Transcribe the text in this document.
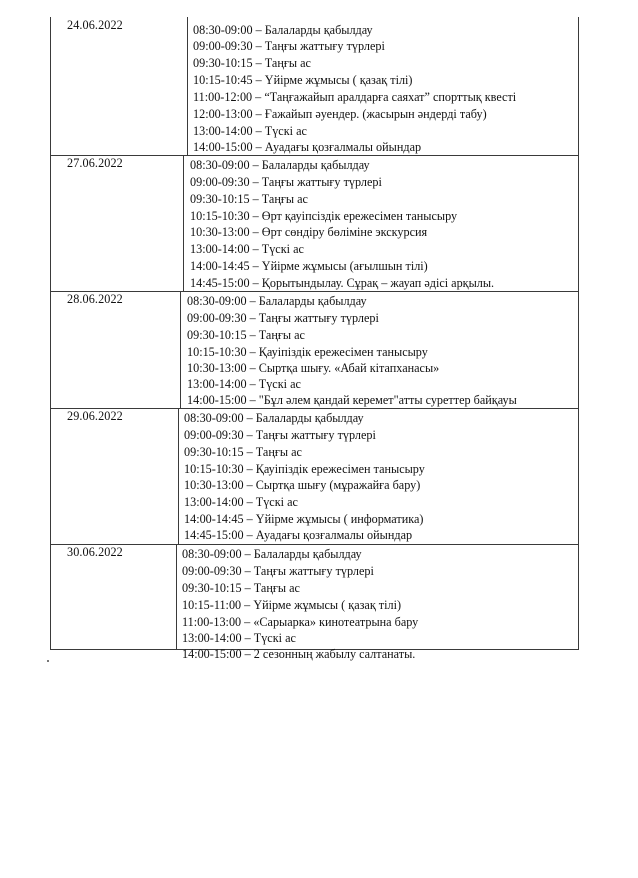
24.06.2022	08:30-09:00 – Балаларды қабылдау
09:00-09:30 – Таңғы жаттығу түрлері
09:30-10:15 – Таңғы ас
10:15-10:45 – Үйірме жұмысы ( қазақ тілі)
11:00-12:00 – “Таңғажайып аралдарға саяхат” спорттық квесті
12:00-13:00 – Ғажайып әуендер. (жасырын әндерді табу)
13:00-14:00 – Түскі ас
14:00-15:00 – Ауадағы қозғалмалы ойындар
27.06.2022	08:30-09:00 – Балаларды қабылдау
09:00-09:30 – Таңғы жаттығу түрлері
09:30-10:15 – Таңғы ас
10:15-10:30 – Өрт қауіпсіздік ережесімен танысыру
10:30-13:00 – Өрт сөндіру бөліміне экскурсия
13:00-14:00 – Түскі ас
14:00-14:45 – Үйірме жұмысы (ағылшын тілі)
14:45-15:00 – Қорытындылау. Сұрақ – жауап әдісі арқылы.
28.06.2022	08:30-09:00 – Балаларды қабылдау
09:00-09:30 – Таңғы жаттығу түрлері
09:30-10:15 – Таңғы ас
10:15-10:30 – Қауіпіздік ережесімен танысыру
10:30-13:00 – Сыртқа шығу. «Абай кітапханасы»
13:00-14:00 – Түскі ас
14:00-15:00 – "Бұл әлем қандай керемет"атты суреттер байқауы
29.06.2022	08:30-09:00 – Балаларды қабылдау
09:00-09:30 – Таңғы жаттығу түрлері
09:30-10:15 – Таңғы ас
10:15-10:30 – Қауіпіздік ережесімен танысыру
10:30-13:00 – Сыртқа шығу (мұражайға бару)
13:00-14:00 – Түскі ас
14:00-14:45 – Үйірме жұмысы ( информатика)
14:45-15:00 – Ауадағы қозғалмалы ойындар
30.06.2022	08:30-09:00 – Балаларды қабылдау
09:00-09:30 – Таңғы жаттығу түрлері
09:30-10:15 – Таңғы ас
10:15-11:00 – Үйірме жұмысы ( қазақ тілі)
11:00-13:00 – «Сарыарка» кинотеатрына бару
13:00-14:00 – Түскі ас
14:00-15:00 – 2 сезонның жабылу салтанаты.
